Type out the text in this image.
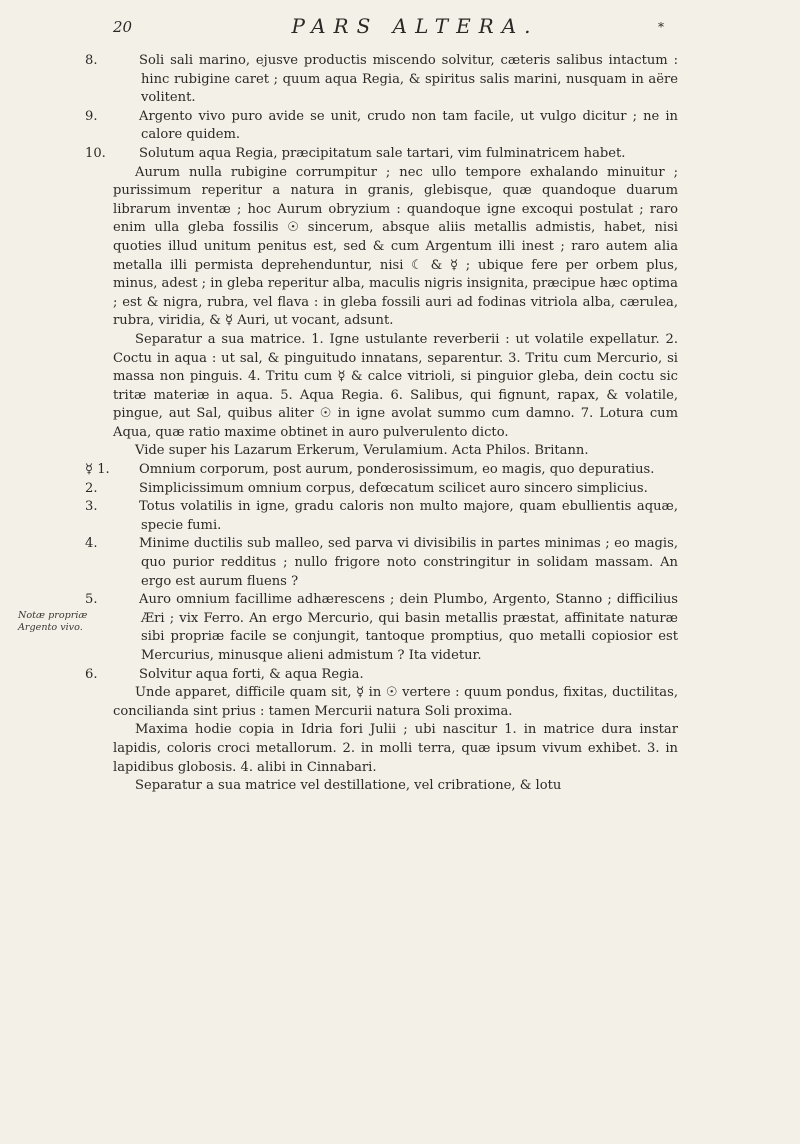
20	PARS ALTERA.	*
Notæ propriæ
Argento vivo.

8.	Soli sali marino, ejusve productis miscendo solvitur, cæteris salibus intactum : hinc rubigine caret ; quum aqua Regia, & spiritus salis marini, nusquam in aëre volitent.

9.	Argento vivo puro avide se unit, crudo non tam facile, ut vulgo dicitur ; ne in calore quidem.

10.	Solutum aqua Regia, præcipitatum sale tartari, vim fulminatricem habet.

Aurum nulla rubigine corrumpitur ; nec ullo tempore exhalando minuitur ; purissimum reperitur a natura in granis, glebisque, quæ quandoque duarum librarum inventæ ; hoc Aurum obryzium : quandoque igne excoqui postulat ; raro enim ulla gleba fossilis ☉ sincerum, absque aliis metallis admistis, habet, nisi quoties illud unitum penitus est, sed & cum Argentum illi inest ; raro autem alia metalla illi permista deprehenduntur, nisi ☾ & ☿ ; ubique fere per orbem plus, minus, adest ; in gleba reperitur alba, maculis nigris insignita, præcipue hæc optima ; est & nigra, rubra, vel flava : in gleba fossili auri ad fodinas vitriola alba, cærulea, rubra, viridia, & ☿ Auri, ut vocant, adsunt.

Separatur a sua matrice. 1. Igne ustulante reverberii : ut volatile expellatur. 2. Coctu in aqua : ut sal, & pinguitudo innatans, separentur. 3. Tritu cum Mercurio, si massa non pinguis. 4. Tritu cum ☿ & calce vitrioli, si pinguior gleba, dein coctu sic tritæ materiæ in aqua. 5. Aqua Regia. 6. Salibus, qui fignunt, rapax, & volatile, pingue, aut Sal, quibus aliter ☉ in igne avolat summo cum damno. 7. Lotura cum Aqua, quæ ratio maxime obtinet in auro pulverulento dicto.

Vide super his Lazarum Erkerum, Verulamium. Acta Philos. Britann.

☿ 1. Omnium corporum, post aurum, ponderosissimum, eo magis, quo depuratius.

2.	Simplicissimum omnium corpus, defœcatum scilicet auro sincero simplicius.

3.	Totus volatilis in igne, gradu caloris non multo majore, quam ebullientis aquæ, specie fumi.

4.	Minime ductilis sub malleo, sed parva vi divisibilis in partes minimas ; eo magis, quo purior redditus ; nullo frigore noto constringitur in solidam massam. An ergo est aurum fluens ?

5.	Auro omnium facillime adhærescens ; dein Plumbo, Argento, Stanno ; difficilius Æri ; vix Ferro. An ergo Mercurio, qui basin metallis præstat, affinitate naturæ sibi propriæ facile se conjungit, tantoque promptius, quo metalli copiosior est Mercurius, minusque alieni admistum ? Ita videtur.

6.	Solvitur aqua forti, & aqua Regia.

Unde apparet, difficile quam sit, ☿ in ☉ vertere : quum pondus, fixitas, ductilitas, concilianda sint prius : tamen Mercurii natura Soli proxima.

Maxima hodie copia in Idria fori Julii ; ubi nascitur 1. in matrice dura instar lapidis, coloris croci metallorum. 2. in molli terra, quæ ipsum vivum exhibet. 3. in lapidibus globosis. 4. alibi in Cinnabari.

Separatur a sua matrice vel destillatione, vel cribratione, & lotu
